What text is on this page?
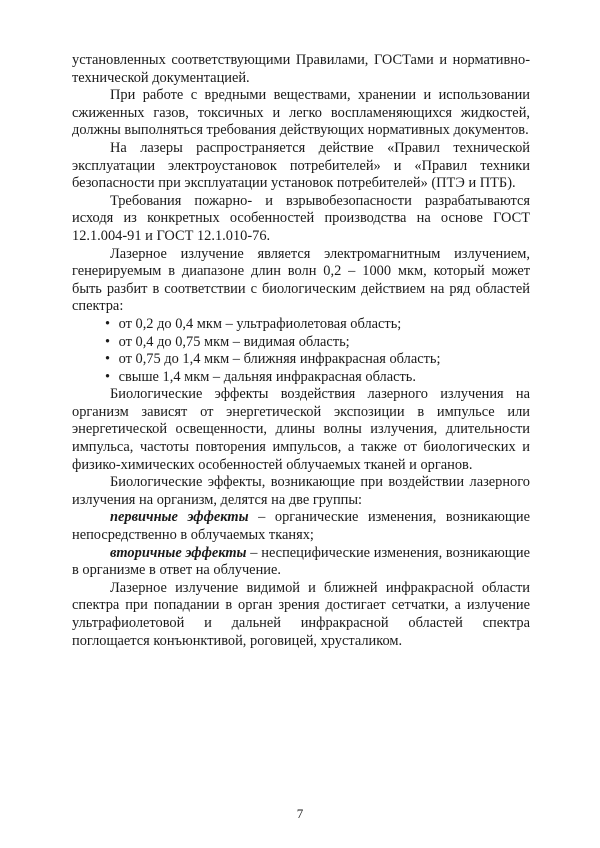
установленных соответствующими Правилами, ГОСТами и нормативно-технической документацией.

При работе с вредными веществами, хранении и использовании сжиженных газов, токсичных и легко воспламеняющихся жидкостей, должны выполняться требования действующих нормативных документов.

На лазеры распространяется действие «Правил технической эксплуатации электроустановок потребителей» и «Правил техники безопасности при эксплуатации установок потребителей» (ПТЭ и ПТБ).

Требования пожарно- и взрывобезопасности разрабатываются исходя из конкретных особенностей производства на основе ГОСТ 12.1.004-91 и ГОСТ 12.1.010-76.

Лазерное излучение является электромагнитным излучением, генерируемым в диапазоне длин волн 0,2 – 1000 мкм, который может быть разбит в соответствии с биологическим действием на ряд областей спектра:

• от 0,2 до 0,4 мкм – ультрафиолетовая область;
• от 0,4 до 0,75 мкм – видимая область;
• от 0,75 до 1,4 мкм – ближняя инфракрасная область;
• свыше 1,4 мкм – дальняя инфракрасная область.

Биологические эффекты воздействия лазерного излучения на организм зависят от энергетической экспозиции в импульсе или энергетической освещенности, длины волны излучения, длительности импульса, частоты повторения импульсов, а также от биологических и физико-химических особенностей облучаемых тканей и органов.

Биологические эффекты, возникающие при воздействии лазерного излучения на организм, делятся на две группы:

первичные эффекты – органические изменения, возникающие непосредственно в облучаемых тканях;

вторичные эффекты – неспецифические изменения, возникающие в организме в ответ на облучение.

Лазерное излучение видимой и ближней инфракрасной области спектра при попадании в орган зрения достигает сетчатки, а излучение ультрафиолетовой и дальней инфракрасной областей спектра поглощается конъюнктивой, роговицей, хрусталиком.

7
